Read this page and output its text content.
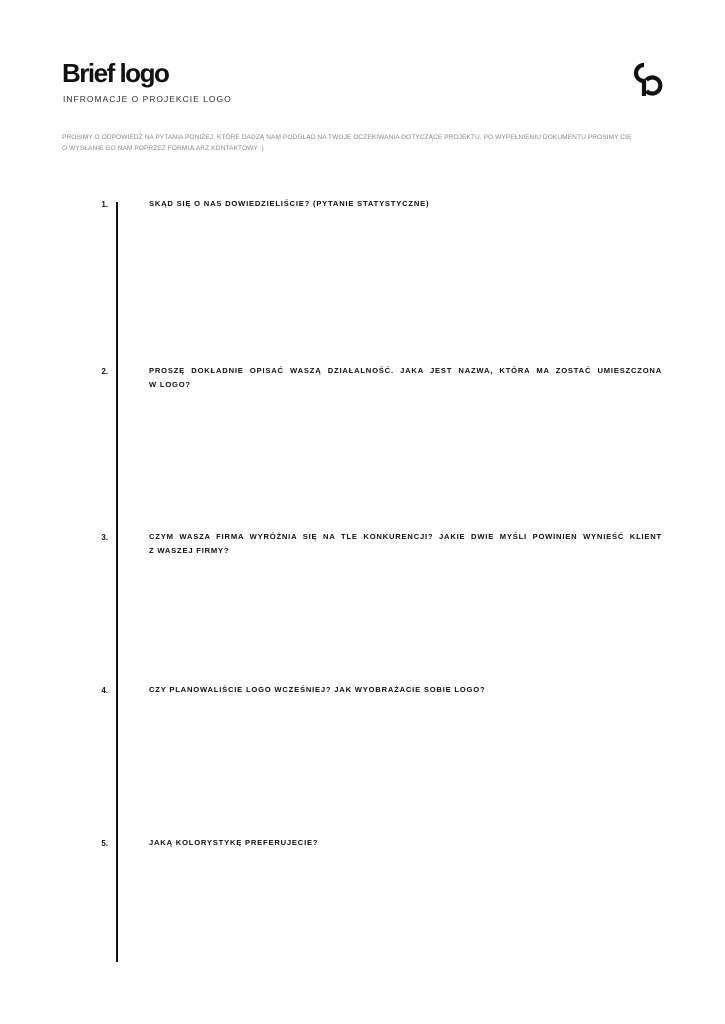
Brief logo
INFROMACJE O PROJEKCIE LOGO
PROSIMY O ODPOWIEDŹ NA PYTANIA PONIŻEJ, KTÓRE DADZĄ NAM PODGLĄD NA TWOJE OCZEKIWANIA DOTYCZĄCE PROJEKTU. PO WYPEŁNIENIU DOKUMENTU PROSIMY CIĘ
O WYSŁANIE GO NAM POPRZEZ FORMULARZ KONTAKTOWY :)
1.	SKĄD SIĘ O NAS DOWIEDZIELIŚCIE? (PYTANIE STATYSTYCZNE)
2.	PROSZĘ DOKŁADNIE OPISAĆ WASZĄ DZIAŁALNOŚĆ. JAKA JEST NAZWA, KTÓRA MA ZOSTAĆ UMIESZCZONA
W LOGO?
3.	CZYM WASZA FIRMA WYRÓŻNIA SIĘ NA TLE KONKURENCJI? JAKIE DWIE MYŚLI POWINIEN WYNIEŚĆ KLIENT
Z WASZEJ FIRMY?
4.	CZY PLANOWALIŚCIE LOGO WCZEŚNIEJ? JAK WYOBRAŻACIE SOBIE LOGO?
5.	JAKĄ KOLORYSTYKĘ PREFERUJECIE?
